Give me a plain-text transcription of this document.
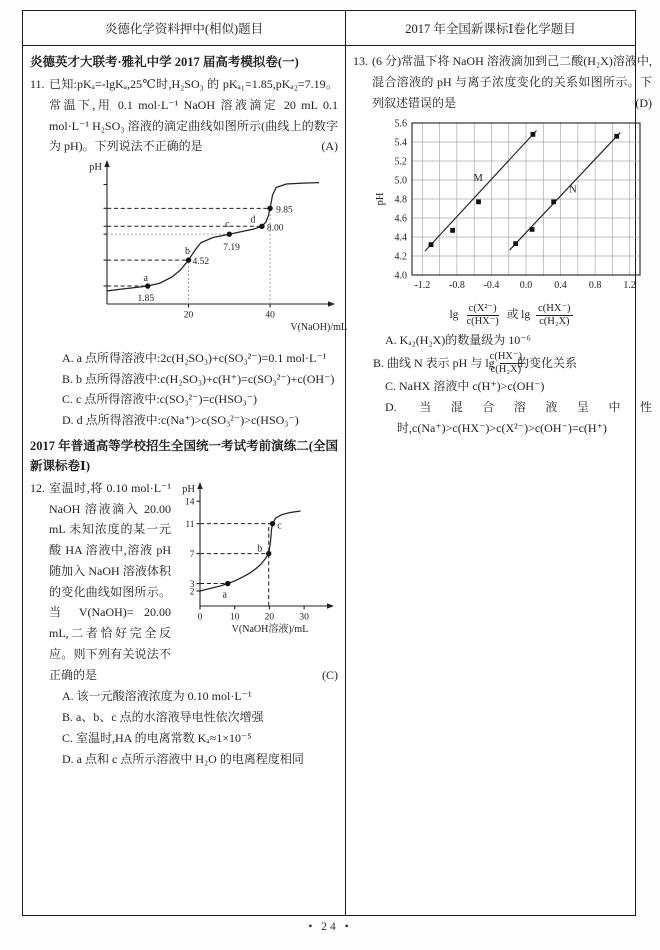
炎德化学资料押中(相似)题目	2017 年全国新课标Ⅰ卷化学题目
炎德英才大联考·雅礼中学 2017 届高考模拟卷(一)
11. 已知:pKₐ=-lgKₐ,25℃时,H₂SO₃ 的 pKₐ₁=1.85,pKₐ₂=7.19。常温下,用 0.1 mol·L⁻¹ NaOH 溶液滴定 20 mL 0.1 mol·L⁻¹ H₂SO₃ 溶液的滴定曲线如图所示(曲线上的数字为 pH)。下列说法不正确的是	(A)

pH
V(NaOH)/mL
20	40
a
1.85
b
4.52
c
7.19
d
8.00
9.85
A. a 点所得溶液中:2c(H₂SO₃)+c(SO₃²⁻)=0.1 mol·L⁻¹
B. b 点所得溶液中:c(H₂SO₃)+c(H⁺)=c(SO₃²⁻)+c(OH⁻)
C. c 点所得溶液中:c(SO₃²⁻)=c(HSO₃⁻)
D. d 点所得溶液中:c(Na⁺)>c(SO₃²⁻)>c(HSO₃⁻)
2017 年普通高等学校招生全国统一考试考前演练二(全国新课标卷Ⅰ)
12.	pH
V(NaOH溶液)/mL
0	10	20	30
2
3
7
11
14
a
b
c

室温时,将 0.10 mol·L⁻¹ NaOH 溶液滴入 20.00 mL 未知浓度的某一元酸 HA 溶液中,溶液 pH 随加入 NaOH 溶液体积的变化曲线如图所示。当 V(NaOH)= 20.00 mL,二者恰好完全反应。则下列有关说法不正确的是	(C)

A. 该一元酸溶液浓度为 0.10 mol·L⁻¹
B. a、b、c 点的水溶液导电性依次增强
C. 室温时,HA 的电离常数 Kₐ≈1×10⁻⁵
D. a 点和 c 点所示溶液中 H₂O 的电离程度相同
13. (6 分)常温下将 NaOH 溶液滴加到己二酸(H₂X)溶液中,混合溶液的 pH 与离子浓度变化的关系如图所示。下列叙述错误的是	(D)

4.0
4.2
4.4
4.6
4.8
5.0
5.2
5.4
5.6
-1.2 -0.8 -0.4 0.0 0.4 0.8 1.2
pH
M
N
$\lg \frac{\text{c(X²⁻)}}{c(HX^-)}$ 或 $\lg \frac{c(HX^-)}{\text{c(H₂X)}}$
A. Kₐ₂(H₂X)的数量级为 10⁻⁶
B. 曲线 N 表示 pH 与 $\lg \frac{c(HX^-)}{\text{c(H₂X)}}$
的变化关系
C. NaHX 溶液中 c(H⁺)>c(OH⁻)
D. 当混合溶液呈中性时,c(Na⁺)>c(HX⁻)>c(X²⁻)>c(OH⁻)=c(H⁺)
• 24 •
